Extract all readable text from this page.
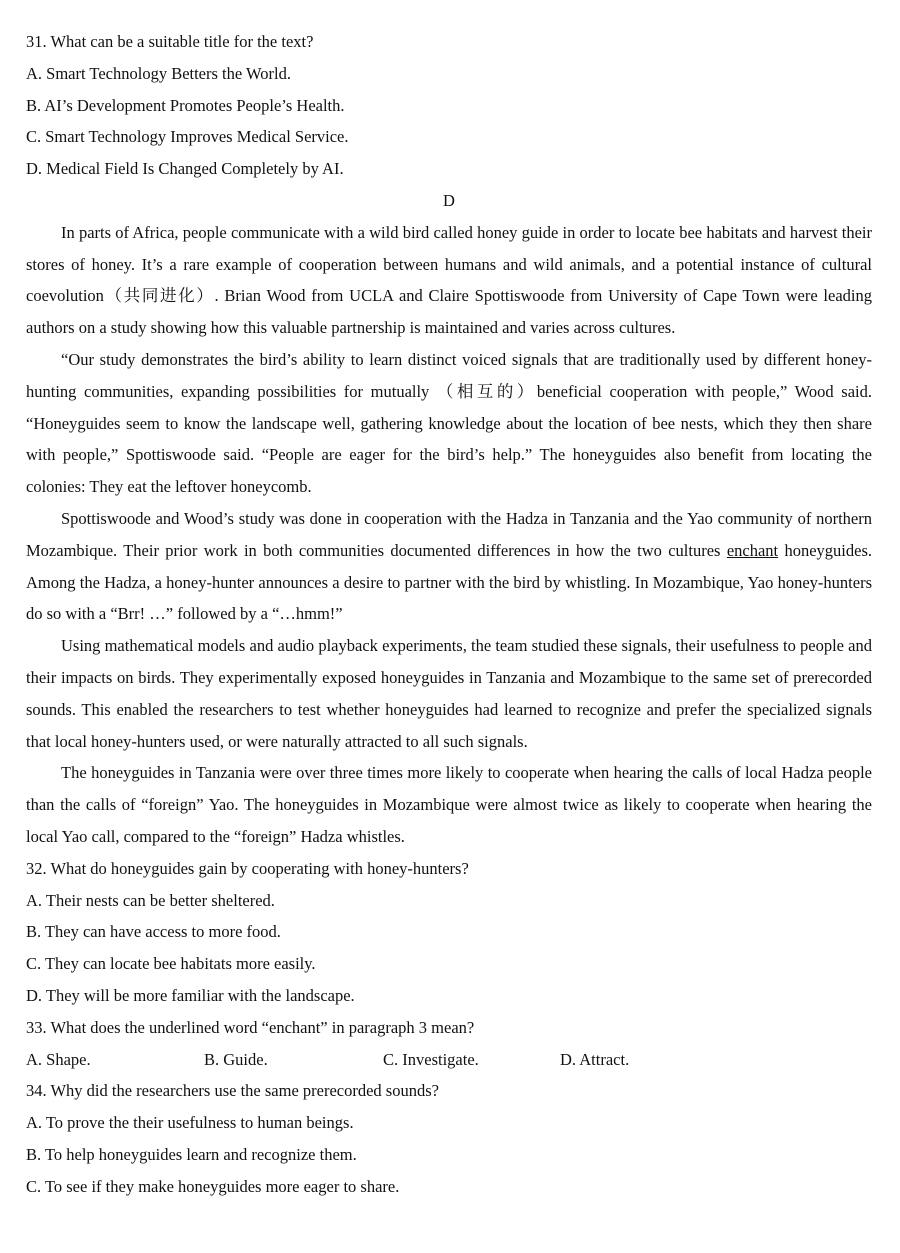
31. What can be a suitable title for the text?
A. Smart Technology Betters the World.
B. AI’s Development Promotes People’s Health.
C. Smart Technology Improves Medical Service.
D. Medical Field Is Changed Completely by AI.
D

In parts of Africa, people communicate with a wild bird called honey guide in order to locate bee habitats and harvest their stores of honey. It’s a rare example of cooperation between humans and wild animals, and a potential instance of cultural coevolution（共同进化）. Brian Wood from UCLA and Claire Spottiswoode from University of Cape Town were leading authors on a study showing how this valuable partnership is maintained and varies across cultures.

“Our study demonstrates the bird’s ability to learn distinct voiced signals that are traditionally used by different honey-hunting communities, expanding possibilities for mutually （相互的）beneficial cooperation with people,” Wood said. “Honeyguides seem to know the landscape well, gathering knowledge about the location of bee nests, which they then share with people,” Spottiswoode said. “People are eager for the bird’s help.” The honeyguides also benefit from locating the colonies: They eat the leftover honeycomb.

Spottiswoode and Wood’s study was done in cooperation with the Hadza in Tanzania and the Yao community of northern Mozambique. Their prior work in both communities documented differences in how the two cultures enchant honeyguides. Among the Hadza, a honey-hunter announces a desire to partner with the bird by whistling. In Mozambique, Yao honey-hunters do so with a “Brr! …” followed by a “…hmm!”

Using mathematical models and audio playback experiments, the team studied these signals, their usefulness to people and their impacts on birds. They experimentally exposed honeyguides in Tanzania and Mozambique to the same set of prerecorded sounds. This enabled the researchers to test whether honeyguides had learned to recognize and prefer the specialized signals that local honey-hunters used, or were naturally attracted to all such signals.

The honeyguides in Tanzania were over three times more likely to cooperate when hearing the calls of local Hadza people than the calls of “foreign” Yao. The honeyguides in Mozambique were almost twice as likely to cooperate when hearing the local Yao call, compared to the “foreign” Hadza whistles.

32. What do honeyguides gain by cooperating with honey-hunters?
A. Their nests can be better sheltered.
B. They can have access to more food.
C. They can locate bee habitats more easily.
D. They will be more familiar with the landscape.
33. What does the underlined word “enchant” in paragraph 3 mean?
A. Shape.	B. Guide.	C. Investigate.	D. Attract.
34. Why did the researchers use the same prerecorded sounds?
A. To prove the their usefulness to human beings.
B. To help honeyguides learn and recognize them.
C. To see if they make honeyguides more eager to share.
